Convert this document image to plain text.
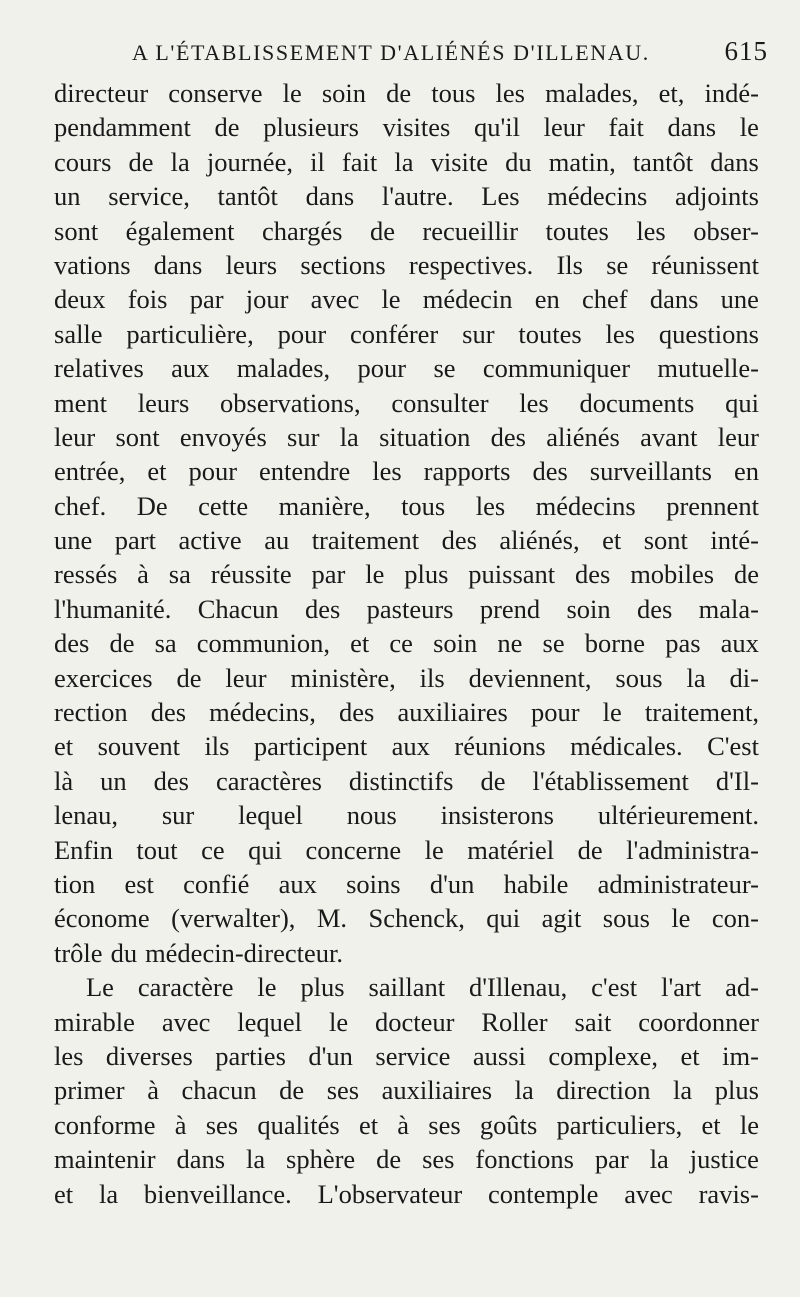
A L'ÉTABLISSEMENT D'ALIÉNÉS D'ILLENAU.	615
directeur conserve le soin de tous les malades, et, indé-
pendamment de plusieurs visites qu'il leur fait dans le
cours de la journée, il fait la visite du matin, tantôt dans
un service, tantôt dans l'autre. Les médecins adjoints
sont également chargés de recueillir toutes les obser-
vations dans leurs sections respectives. Ils se réunissent
deux fois par jour avec le médecin en chef dans une
salle particulière, pour conférer sur toutes les questions
relatives aux malades, pour se communiquer mutuelle-
ment leurs observations, consulter les documents qui
leur sont envoyés sur la situation des aliénés avant leur
entrée, et pour entendre les rapports des surveillants en
chef. De cette manière, tous les médecins prennent
une part active au traitement des aliénés, et sont inté-
ressés à sa réussite par le plus puissant des mobiles de
l'humanité. Chacun des pasteurs prend soin des mala-
des de sa communion, et ce soin ne se borne pas aux
exercices de leur ministère, ils deviennent, sous la di-
rection des médecins, des auxiliaires pour le traitement,
et souvent ils participent aux réunions médicales. C'est
là un des caractères distinctifs de l'établissement d'Il-
lenau, sur lequel nous insisterons ultérieurement.
Enfin tout ce qui concerne le matériel de l'administra-
tion est confié aux soins d'un habile administrateur-
économe (verwalter), M. Schenck, qui agit sous le con-
trôle du médecin-directeur.
Le caractère le plus saillant d'Illenau, c'est l'art ad-
mirable avec lequel le docteur Roller sait coordonner
les diverses parties d'un service aussi complexe, et im-
primer à chacun de ses auxiliaires la direction la plus
conforme à ses qualités et à ses goûts particuliers, et le
maintenir dans la sphère de ses fonctions par la justice
et la bienveillance. L'observateur contemple avec ravis-
